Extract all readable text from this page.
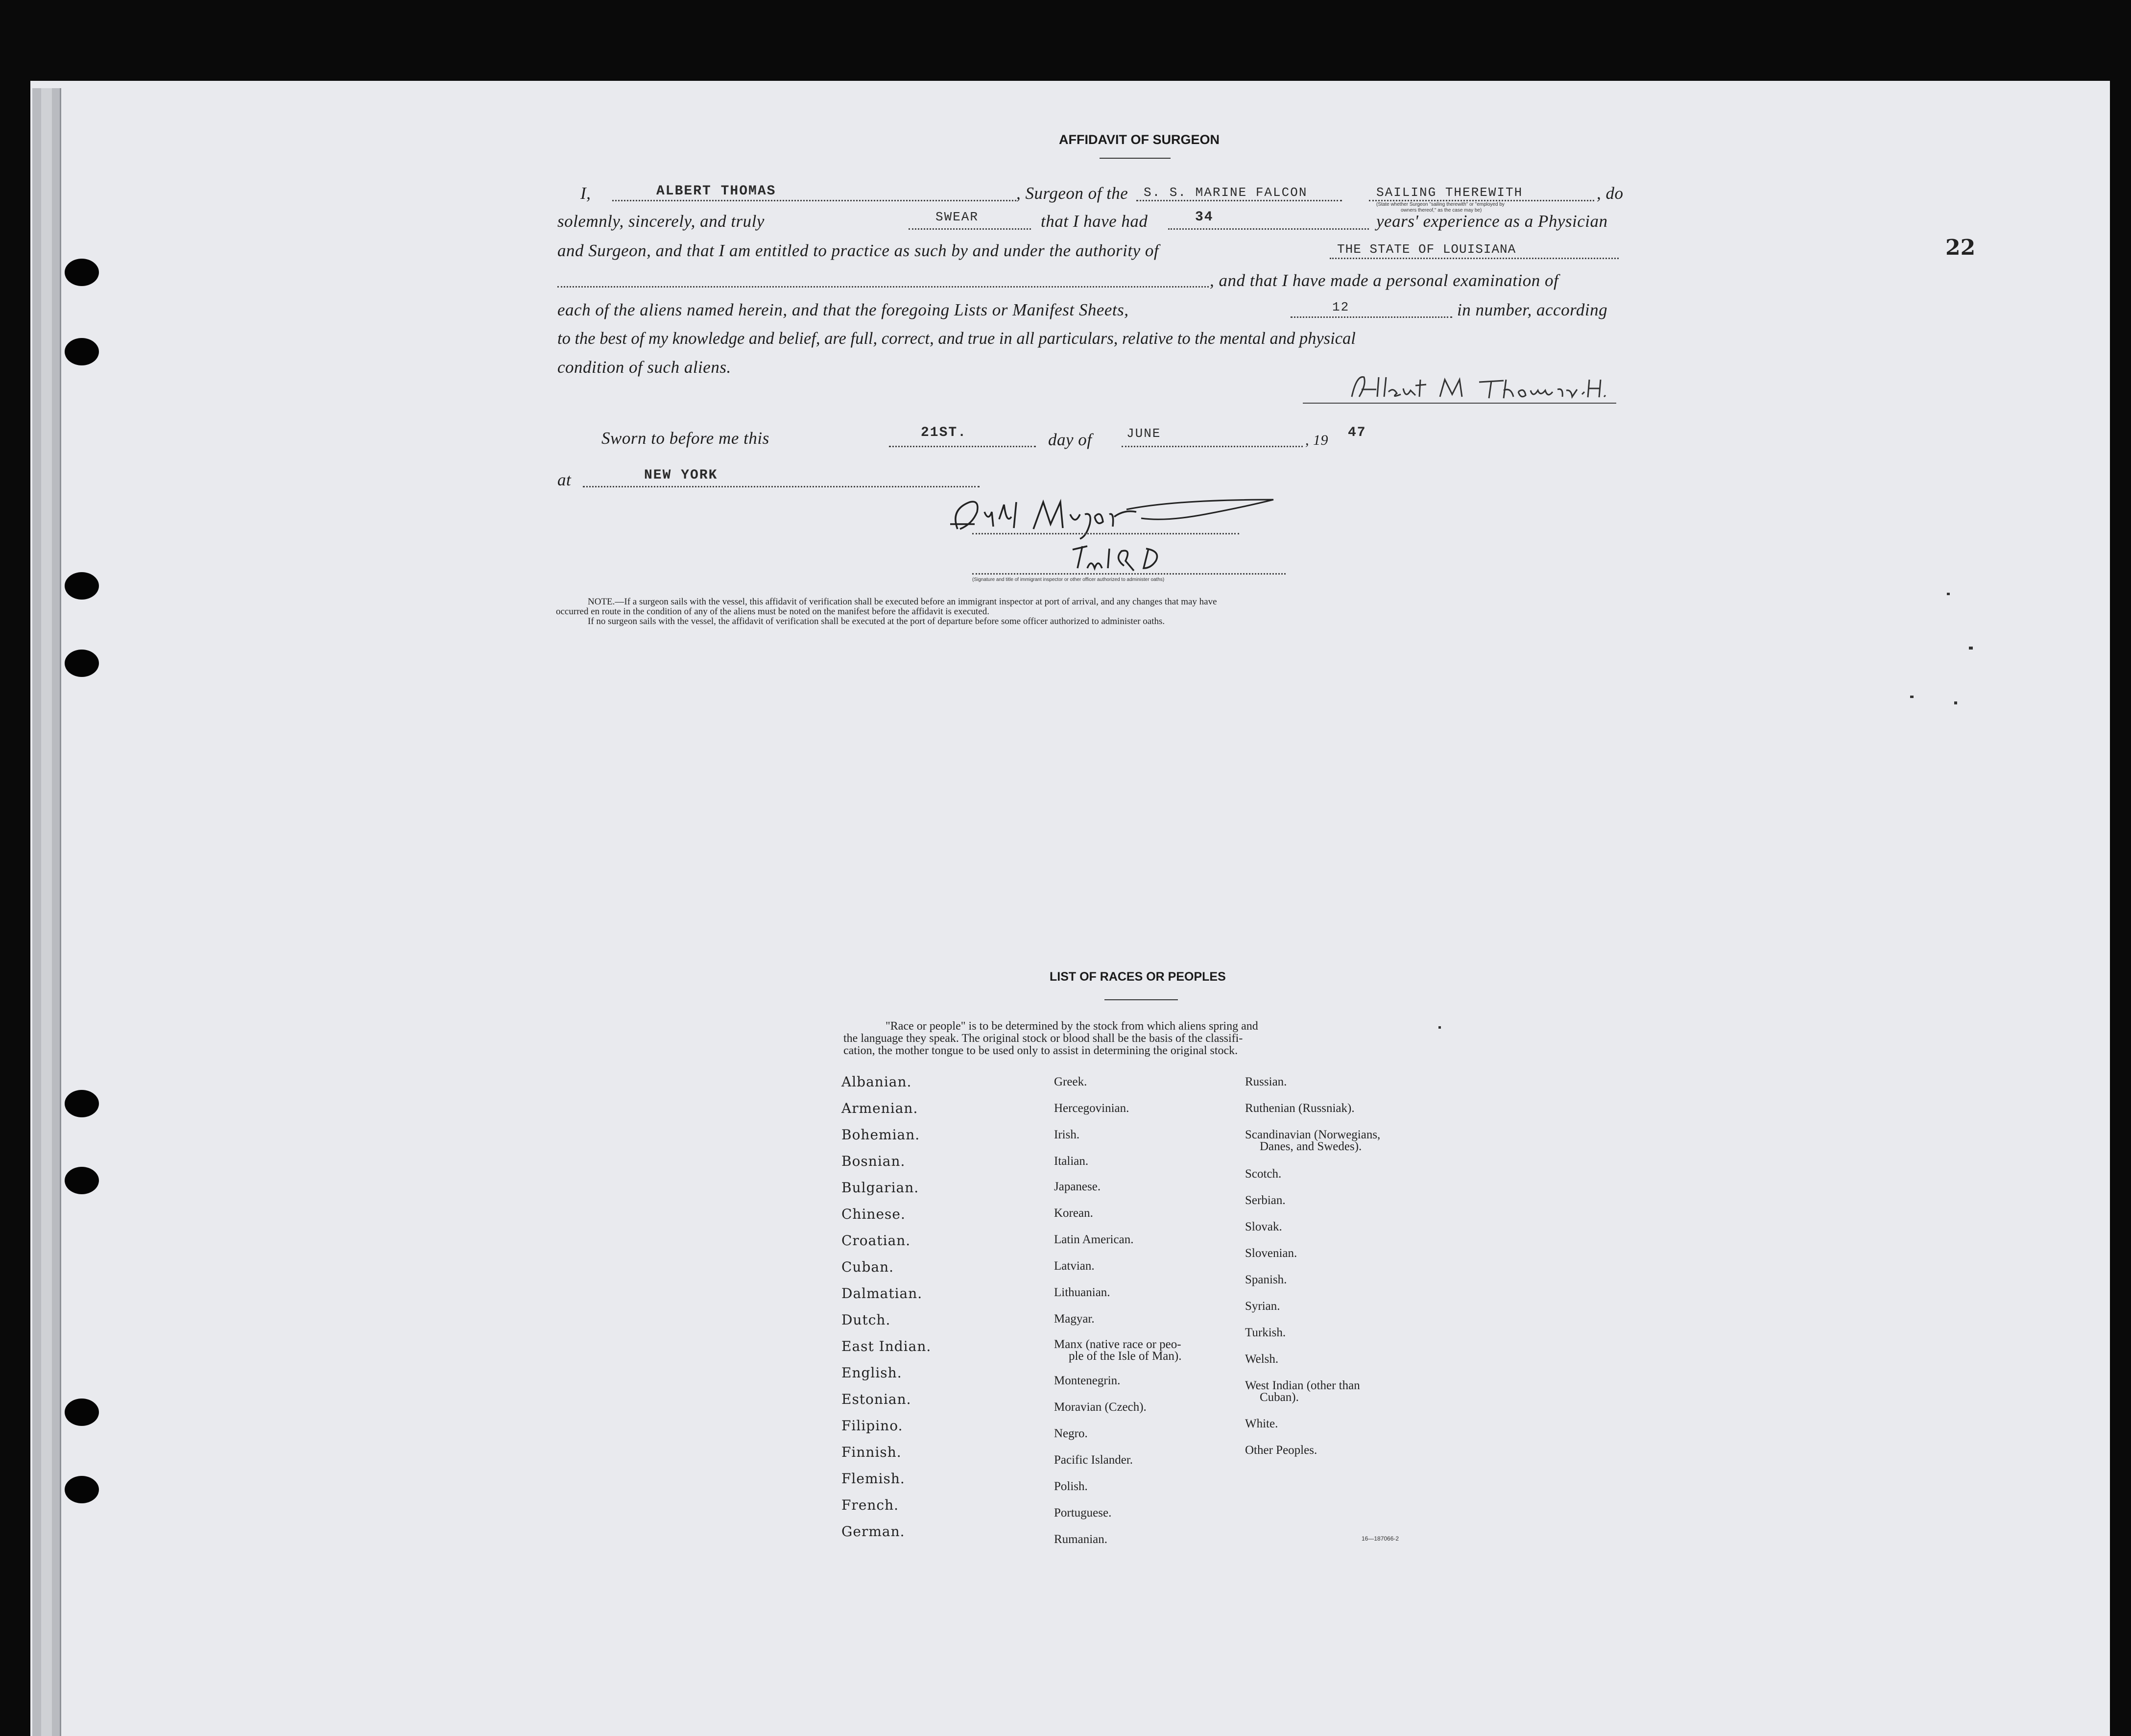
22
AFFIDAVIT OF SURGEON
I,	ALBERT THOMAS	, Surgeon of the S. S. MARINE FALCON	SAILING THEREWITH	, do
(State whether Surgeon "sailing therewith" or "employed by
owners thereof," as the case may be)
solemnly, sincerely, and truly	SWEAR	that I have had	34	years' experience as a Physician
and Surgeon, and that I am entitled to practice as such by and under the authority of	THE STATE OF LOUISIANA
, and that I have made a personal examination of
each of the aliens named herein, and that the foregoing Lists or Manifest Sheets,	12	in number, according
to the best of my knowledge and belief, are full, correct, and true in all particulars, relative to the mental and physical
condition of such aliens.
Sworn to before me this	21ST.	day of	JUNE	, 19 47
at	NEW YORK
(Signature and title of immigrant inspector or other officer authorized to administer oaths)
NOTE.—If a surgeon sails with the vessel, this affidavit of verification shall be executed before an immigrant inspector at port of arrival, and any changes that may have
occurred en route in the condition of any of the aliens must be noted on the manifest before the affidavit is executed.
If no surgeon sails with the vessel, the affidavit of verification shall be executed at the port of departure before some officer authorized to administer oaths.
LIST OF RACES OR PEOPLES
"Race or people" is to be determined by the stock from which aliens spring and
the language they speak. The original stock or blood shall be the basis of the classifi-
cation, the mother tongue to be used only to assist in determining the original stock.
Albanian.
Armenian.
Bohemian.
Bosnian.
Bulgarian.
Chinese.
Croatian.
Cuban.
Dalmatian.
Dutch.
East Indian.
English.
Estonian.
Filipino.
Finnish.
Flemish.
French.
German.
Greek.
Hercegovinian.
Irish.
Italian.
Japanese.
Korean.
Latin American.
Latvian.
Lithuanian.
Magyar.
Manx (native race or peo-
ple of the Isle of Man).
Montenegrin.
Moravian (Czech).
Negro.
Pacific Islander.
Polish.
Portuguese.
Rumanian.
Russian.
Ruthenian (Russniak).
Scandinavian (Norwegians,
Danes, and Swedes).
Scotch.
Serbian.
Slovak.
Slovenian.
Spanish.
Syrian.
Turkish.
Welsh.
West Indian (other than
Cuban).
White.
Other Peoples.
16—187066-2
